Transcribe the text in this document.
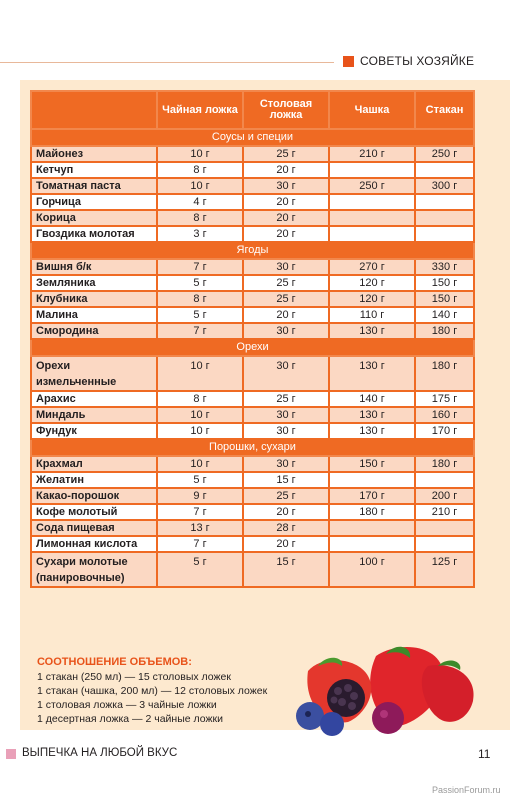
СОВЕТЫ ХОЗЯЙКЕ
	Чайная ложка	Столовая ложка	Чашка	Стакан
Соусы и специи				
Майонез	10 г	25 г	210 г	250 г
Кетчуп	8 г	20 г		
Томатная паста	10 г	30 г	250 г	300 г
Горчица	4 г	20 г		
Корица	8 г	20 г		
Гвоздика молотая	3 г	20 г		
Ягоды				
Вишня б/к	7 г	30 г	270 г	330 г
Земляника	5 г	25 г	120 г	150 г
Клубника	8 г	25 г	120 г	150 г
Малина	5 г	20 г	110 г	140 г
Смородина	7 г	30 г	130 г	180 г
Орехи				
Орехи измельченные	10 г	30 г	130 г	180 г
Арахис	8 г	25 г	140 г	175 г
Миндаль	10 г	30 г	130 г	160 г
Фундук	10 г	30 г	130 г	170 г
Порошки, сухари				
Крахмал	10 г	30 г	150 г	180 г
Желатин	5 г	15 г		
Какао-порошок	9 г	25 г	170 г	200 г
Кофе молотый	7 г	20 г	180 г	210 г
Сода пищевая	13 г	28 г		
Лимонная кислота	7 г	20 г		
Сухари молотые (панировочные)	5 г	15 г	100 г	125 г
СООТНОШЕНИЕ ОБЪЕМОВ:
1 стакан (250 мл) — 15 столовых ложек
1 стакан (чашка, 200 мл) — 12 столовых ложек
1 столовая ложка — 3 чайные ложки
1 десертная ложка — 2 чайные ложки
ВЫПЕЧКА НА ЛЮБОЙ ВКУС	11
PassionForum.ru
